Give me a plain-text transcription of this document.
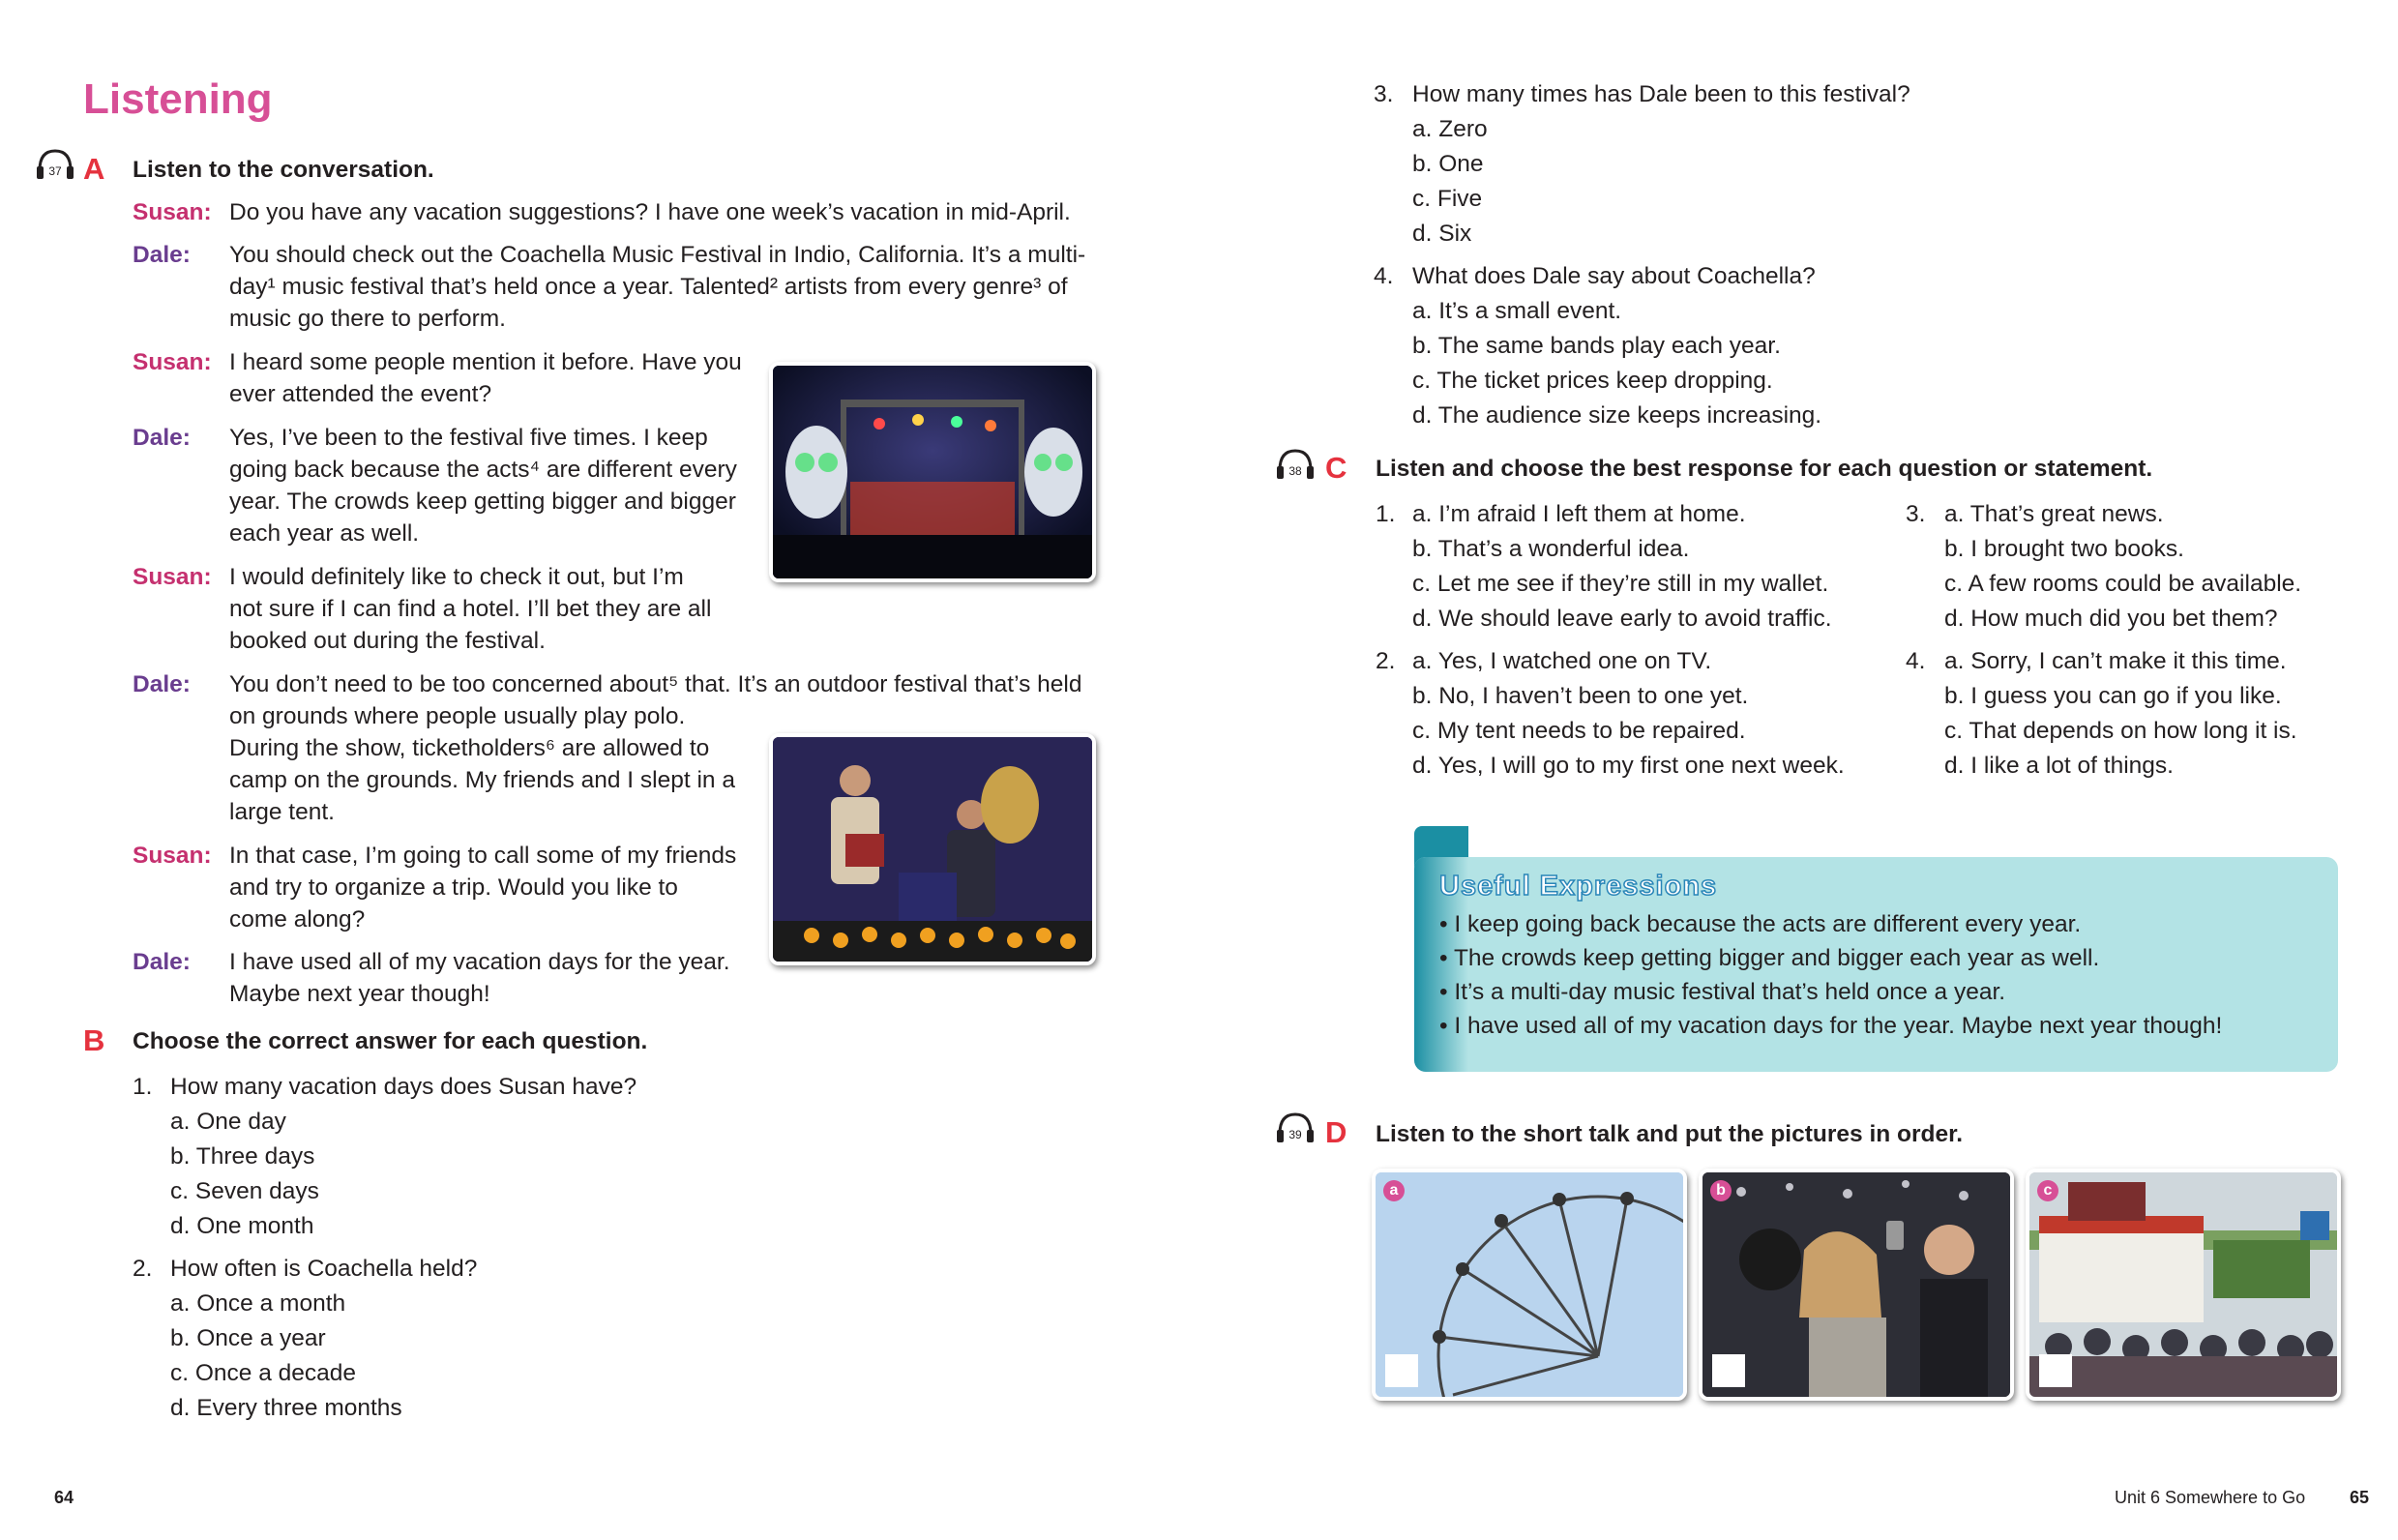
Listening
37 A Listen to the conversation.
Susan: Do you have any vacation suggestions? I have one week’s vacation in mid-April.
Dale: You should check out the Coachella Music Festival in Indio, California. It’s a multi-
day¹ music festival that’s held once a year. Talented² artists from every genre³ of
music go there to perform.
Susan: I heard some people mention it before. Have you
ever attended the event?
Dale: Yes, I’ve been to the festival five times. I keep
going back because the acts⁴ are different every
year. The crowds keep getting bigger and bigger
each year as well.
Susan: I would definitely like to check it out, but I’m
not sure if I can find a hotel. I’ll bet they are all
booked out during the festival.
Dale: You don’t need to be too concerned about⁵ that. It’s an outdoor festival that’s held
on grounds where people usually play polo.
During the show, ticketholders⁶ are allowed to
camp on the grounds. My friends and I slept in a
large tent.
Susan: In that case, I’m going to call some of my friends
and try to organize a trip. Would you like to
come along?
Dale: I have used all of my vacation days for the year.
Maybe next year though!
B Choose the correct answer for each question.
1. How many vacation days does Susan have?
a. One day
b. Three days
c. Seven days
d. One month
2. How often is Coachella held?
a. Once a month
b. Once a year
c. Once a decade
d. Every three months
64
3. How many times has Dale been to this festival?
a. Zero
b. One
c. Five
d. Six
4. What does Dale say about Coachella?
a. It’s a small event.
b. The same bands play each year.
c. The ticket prices keep dropping.
d. The audience size keeps increasing.
38 C Listen and choose the best response for each question or statement.
1. a. I’m afraid I left them at home.
b. That’s a wonderful idea.
c. Let me see if they’re still in my wallet.
d. We should leave early to avoid traffic.
2. a. Yes, I watched one on TV.
b. No, I haven’t been to one yet.
c. My tent needs to be repaired.
d. Yes, I will go to my first one next week.
3. a. That’s great news.
b. I brought two books.
c. A few rooms could be available.
d. How much did you bet them?
4. a. Sorry, I can’t make it this time.
b. I guess you can go if you like.
c. That depends on how long it is.
d. I like a lot of things.
Useful Expressions
• I keep going back because the acts are different every year.
• The crowds keep getting bigger and bigger each year as well.
• It’s a multi-day music festival that’s held once a year.
• I have used all of my vacation days for the year. Maybe next year though!
39 D Listen to the short talk and put the pictures in order.
a	b	c
Unit 6 Somewhere to Go	65
